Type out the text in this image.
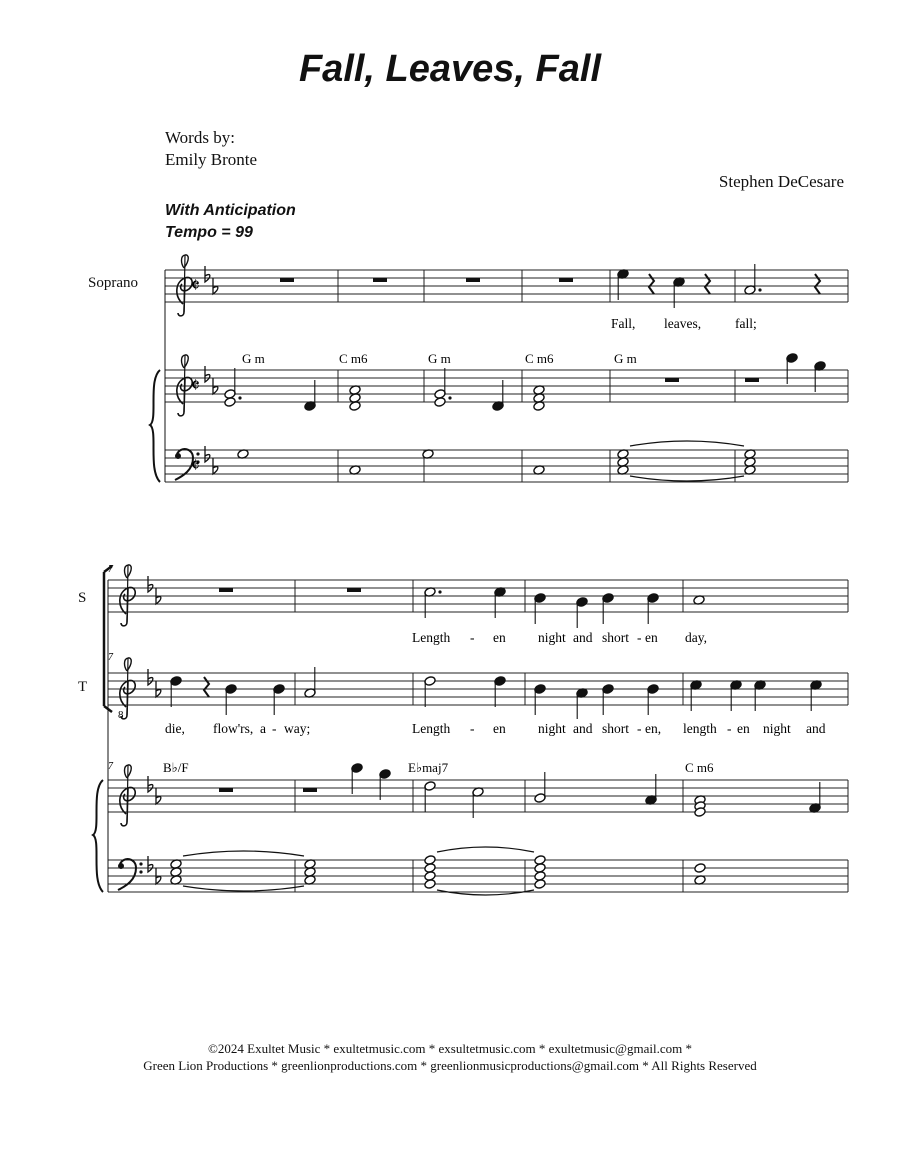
Fall, Leaves, Fall
Words by:
Emily Bronte
Stephen DeCesare
With Anticipation
Tempo = 99
Soprano
S
T
𝄵
𝄵
𝄵
8
G m	C m6	G m	C m6	G m
Fall, leaves,	fall;
7
7
7
Length - en night and short - en day,
die, flow'rs, a - way;	Length - en night and short - en, length - en night and
B♭/F	E♭maj7	C m6
©2024 Exultet Music * exultetmusic.com * exsultetmusic.com * exultetmusic@gmail.com *
Green Lion Productions * greenlionproductions.com * greenlionmusicproductions@gmail.com * All Rights Reserved
